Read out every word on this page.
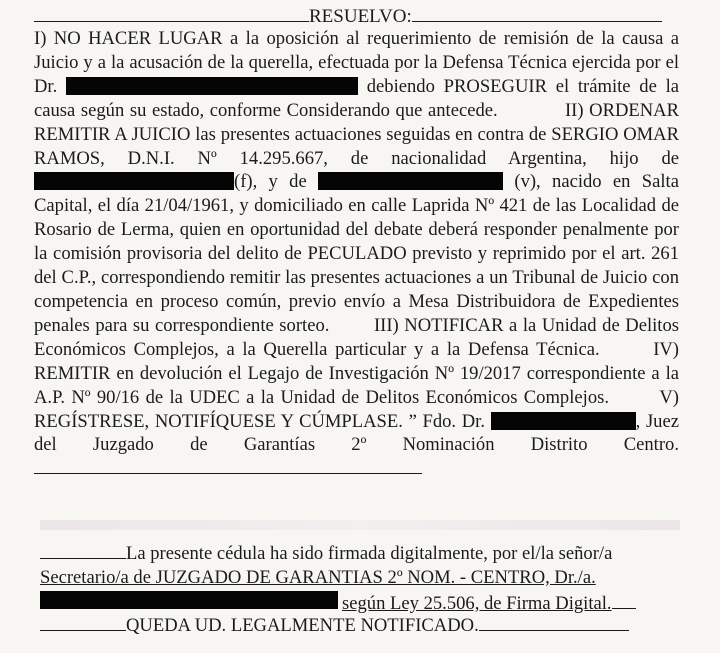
RESUELVO:
I) NO HACER LUGAR a la oposición al requerimiento de remisión de la causa a Juicio y a la acusación de la querella, efectuada por la Defensa Técnica ejercida por el Dr.	debiendo PROSEGUIR el trámite de la causa según su estado, conforme Considerando que antecede.	II) ORDENAR REMITIR A JUICIO las presentes actuaciones seguidas en contra de SERGIO OMAR RAMOS, D.N.I. Nº 14.295.667, de nacionalidad Argentina, hijo de (f), y de	(v), nacido en Salta Capital, el día 21/04/1961, y domiciliado en calle Laprida Nº 421 de las Localidad de Rosario de Lerma, quien en oportunidad del debate deberá responder penalmente por la comisión provisoria del delito de PECULADO previsto y reprimido por el art. 261 del C.P., correspondiendo remitir las presentes actuaciones a un Tribunal de Juicio con competencia en proceso común, previo envío a Mesa Distribuidora de Expedientes penales para su correspondiente sorteo. III) NOTIFICAR a la Unidad de Delitos Económicos Complejos, a la Querella particular y a la Defensa Técnica.	IV) REMITIR en devolución el Legajo de Investigación Nº 19/2017 correspondiente a la A.P. Nº 90/16 de la UDEC a la Unidad de Delitos Económicos Complejos.	V) REGÍSTRESE, NOTIFÍQUESE Y CÚMPLASE. ” Fdo. Dr.	, Juez del Juzgado de Garantías 2º Nominación Distrito Centro.
La presente cédula ha sido firmada digitalmente, por el/la señor/a
Secretario/a de JUZGADO DE GARANTIAS 2º NOM. - CENTRO, Dr./a.
según Ley 25.506, de Firma Digital.
QUEDA UD. LEGALMENTE NOTIFICADO.
